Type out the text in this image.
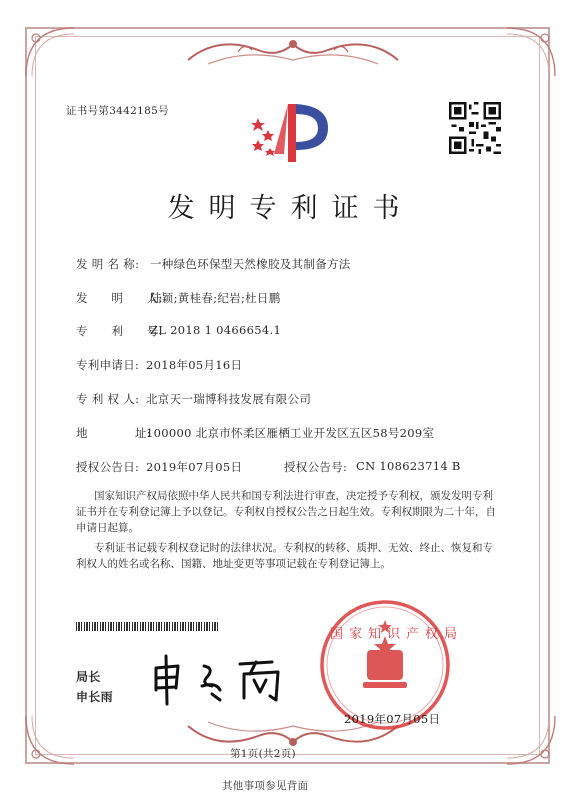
证书号第3442185号
发明专利证书
发 明 名 称: 一种绿色环保型天然橡胶及其制备方法
发　　明　　人:
陆颖;黄桂春;纪岩;杜日鹏
专　　利　　号:
ZL 2018 1 0466654.1
专利申请日: 2018年05月16日
专 利 权 人: 北京天一瑞博科技发展有限公司
地　　　　址:
100000 北京市怀柔区雁栖工业开发区五区58号209室
授权公告日: 2019年07月05日	授权公告号: CN 108623714 B
国家知识产权局依照中华人民共和国专利法进行审查，决定授予专利权，颁发发明专利
证书并在专利登记簿上予以登记。专利权自授权公告之日起生效。专利权期限为二十年，自
申请日起算。
专利证书记载专利权登记时的法律状况。专利权的转移、质押、无效、终止、恢复和专
利权人的姓名或名称、国籍、地址变更等事项记载在专利登记簿上。
局长
申长雨
国家知识产权局
2019年07月05日
第1页(共2页)
其他事项参见背面
